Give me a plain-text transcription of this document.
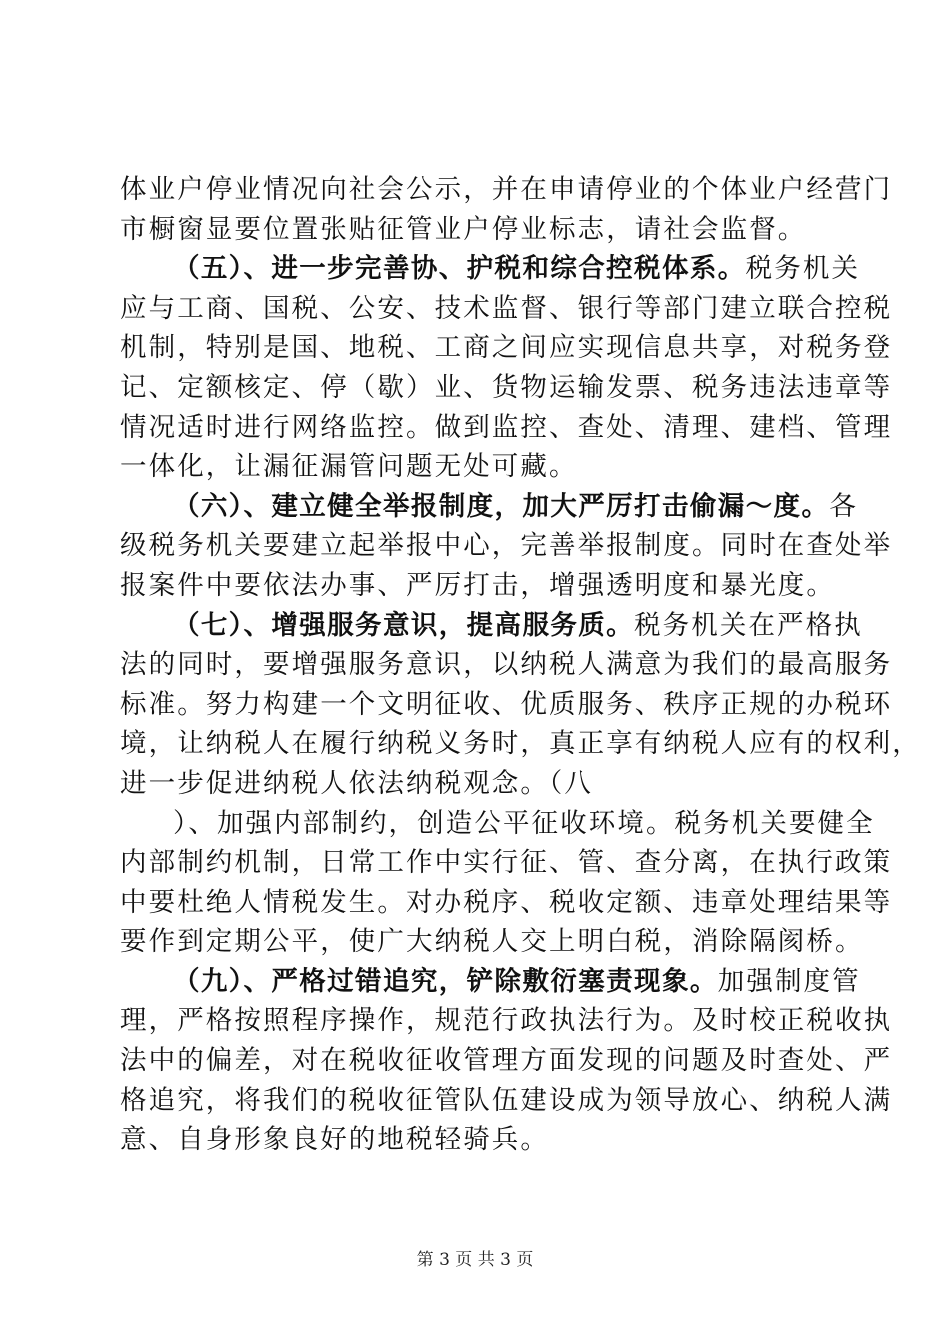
体业户停业情况向社会公示，并在申请停业的个体业户经营门
市橱窗显要位置张贴征管业户停业标志，请社会监督。
（五）、进一步完善协、护税和综合控税体系。税务机关
应与工商、国税、公安、技术监督、银行等部门建立联合控税
机制，特别是国、地税、工商之间应实现信息共享，对税务登
记、定额核定、停（歇）业、货物运输发票、税务违法违章等
情况适时进行网络监控。做到监控、查处、清理、建档、管理
一体化，让漏征漏管问题无处可藏。
（六）、建立健全举报制度，加大严厉打击偷漏～度。各
级税务机关要建立起举报中心，完善举报制度。同时在查处举
报案件中要依法办事、严厉打击，增强透明度和暴光度。
（七）、增强服务意识，提高服务质。税务机关在严格执
法的同时，要增强服务意识，以纳税人满意为我们的最高服务
标准。努力构建一个文明征收、优质服务、秩序正规的办税环
境，让纳税人在履行纳税义务时，真正享有纳税人应有的权利，
进一步促进纳税人依法纳税观念。（八
）、加强内部制约，创造公平征收环境。税务机关要健全
内部制约机制，日常工作中实行征、管、查分离，在执行政策
中要杜绝人情税发生。对办税序、税收定额、违章处理结果等
要作到定期公平，使广大纳税人交上明白税，消除隔阂桥。
（九）、严格过错追究，铲除敷衍塞责现象。加强制度管
理，严格按照程序操作，规范行政执法行为。及时校正税收执
法中的偏差，对在税收征收管理方面发现的问题及时查处、严
格追究，将我们的税收征管队伍建设成为领导放心、纳税人满
意、自身形象良好的地税轻骑兵。
第 3 页 共 3 页
